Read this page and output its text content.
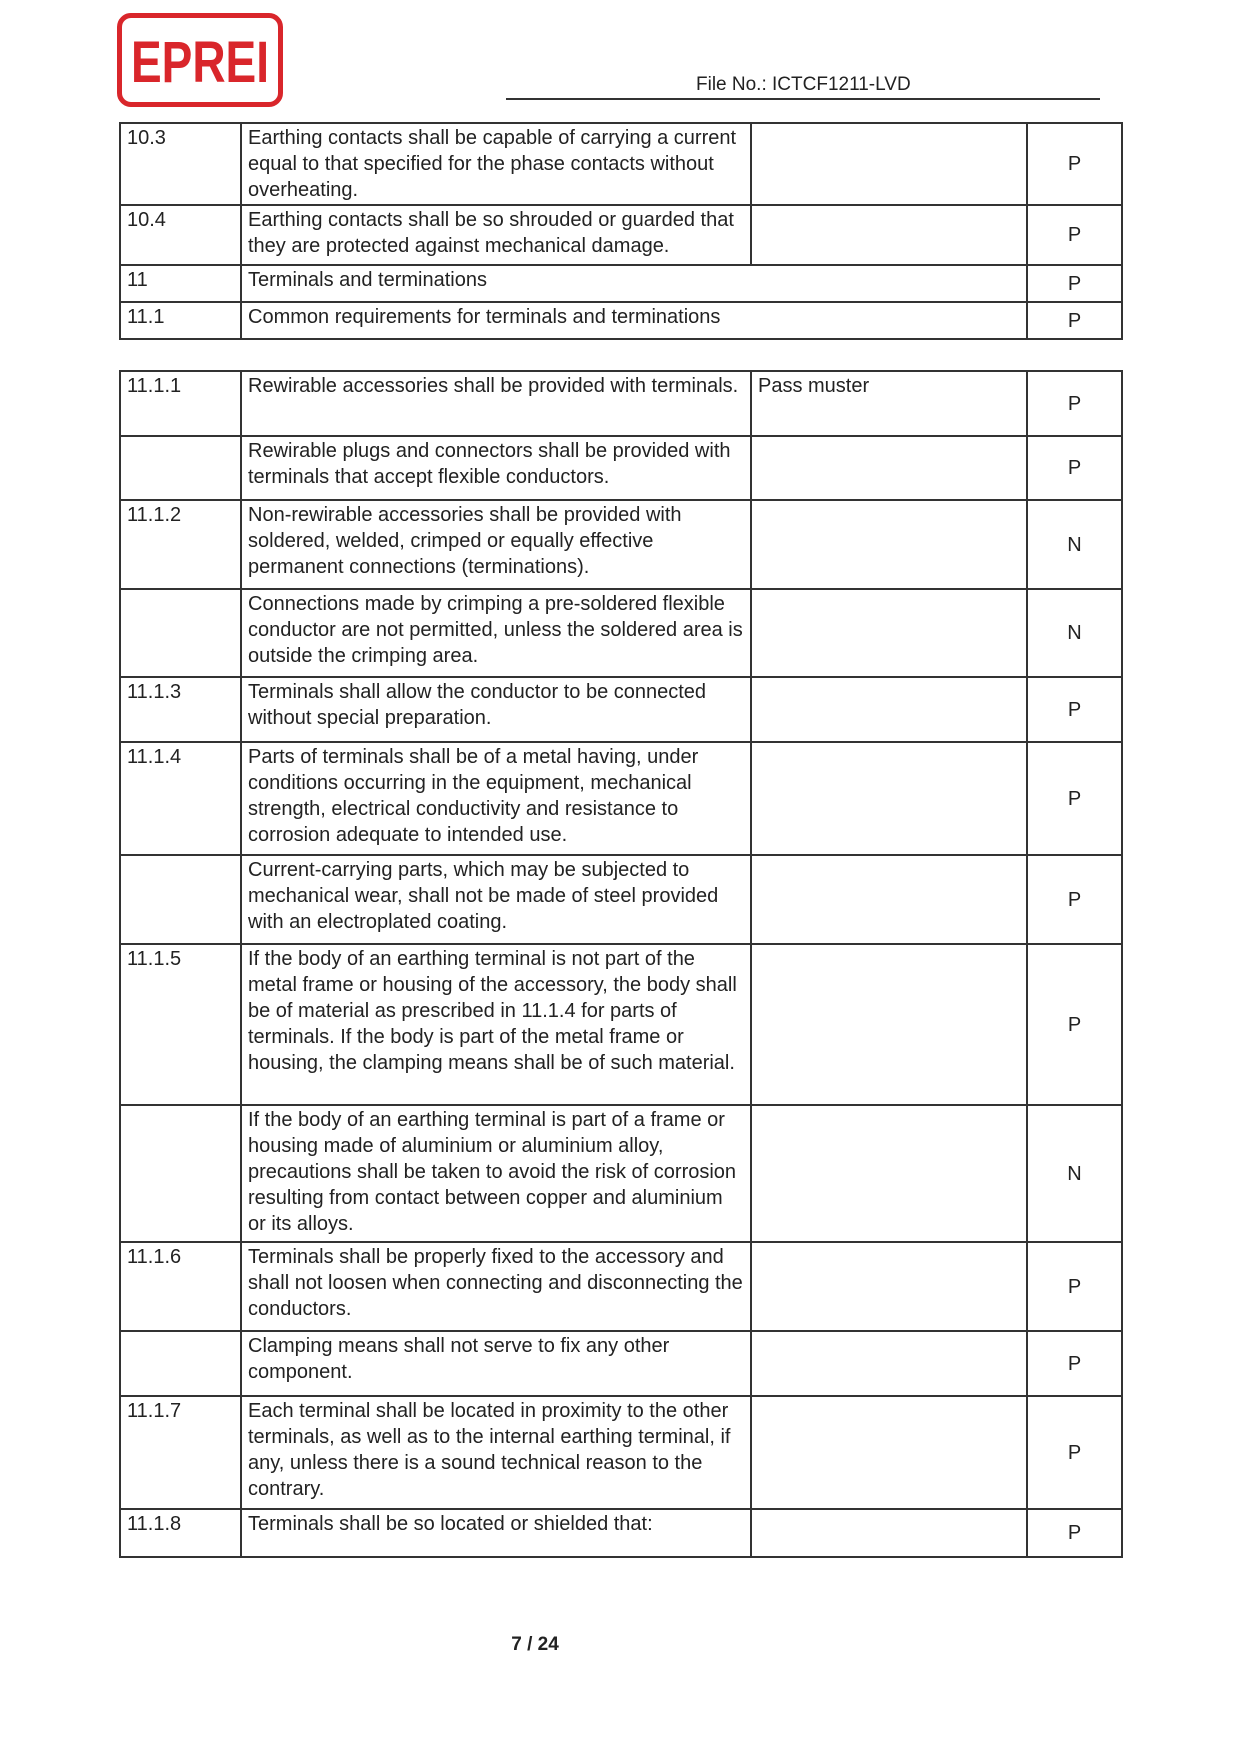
EPREI	File No.: ICTCF1211-LVD
10.3	Earthing contacts shall be capable of carrying a current equal to that specified for the phase contacts without overheating.		P
10.4	Earthing contacts shall be so shrouded or guarded that they are protected against mechanical damage.		P
11	Terminals and terminations		P
11.1	Common requirements for terminals and terminations		P
11.1.1	Rewirable accessories shall be provided with terminals.	Pass muster	P
	Rewirable plugs and connectors shall be provided with terminals that accept flexible conductors.		P
11.1.2	Non-rewirable accessories shall be provided with soldered, welded, crimped or equally effective permanent connections (terminations).		N
	Connections made by crimping a pre-soldered flexible conductor are not permitted, unless the soldered area is outside the crimping area.		N
11.1.3	Terminals shall allow the conductor to be connected without special preparation.		P
11.1.4	Parts of terminals shall be of a metal having, under conditions occurring in the equipment, mechanical strength, electrical conductivity and resistance to corrosion adequate to intended use.		P
	Current-carrying parts, which may be subjected to mechanical wear, shall not be made of steel provided with an electroplated coating.		P
11.1.5	If the body of an earthing terminal is not part of the metal frame or housing of the accessory, the body shall be of material as prescribed in 11.1.4 for parts of terminals. If the body is part of the metal frame or housing, the clamping means shall be of such material.		P
	If the body of an earthing terminal is part of a frame or housing made of aluminium or aluminium alloy, precautions shall be taken to avoid the risk of corrosion resulting from contact between copper and aluminium or its alloys.		N
11.1.6	Terminals shall be properly fixed to the accessory and shall not loosen when connecting and disconnecting the conductors.		P
	Clamping means shall not serve to fix any other component.		P
11.1.7	Each terminal shall be located in proximity to the other terminals, as well as to the internal earthing terminal, if any, unless there is a sound technical reason to the contrary.		P
11.1.8	Terminals shall be so located or shielded that:		P
7 / 24
